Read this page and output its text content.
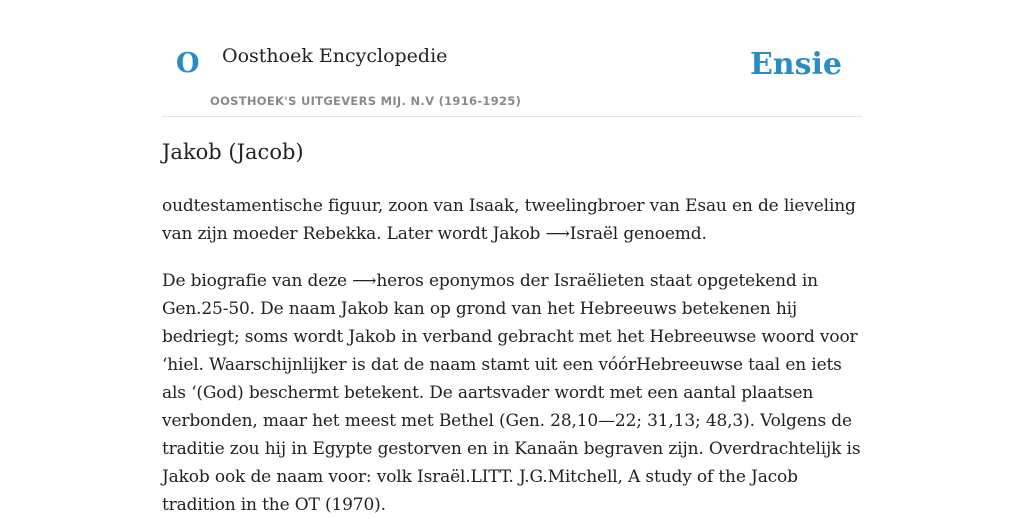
O Oosthoek Encyclopedie
OOSTHOEK'S UITGEVERS MIJ. N.V (1916-1925)
Ensie
Jakob (Jacob)

oudtestamentische figuur, zoon van Isaak, tweelingbroer van Esau en de lieveling van zijn moeder Rebekka. Later wordt Jakob ⟶Israël genoemd.

De biografie van deze ⟶heros eponymos der Israëlieten staat opgetekend in Gen.25-50. De naam Jakob kan op grond van het Hebreeuws betekenen hij bedriegt; soms wordt Jakob in verband gebracht met het Hebreeuwse woord voor ‘hiel. Waarschijnlijker is dat de naam stamt uit een vóórHebreeuwse taal en iets als ‘(God) beschermt betekent. De aartsvader wordt met een aantal plaatsen verbonden, maar het meest met Bethel (Gen. 28,10—22; 31,13; 48,3). Volgens de traditie zou hij in Egypte gestorven en in Kanaän begraven zijn. Overdrachtelijk is Jakob ook de naam voor: volk Israël.LITT. J.G.Mitchell, A study of the Jacob tradition in the OT (1970).
